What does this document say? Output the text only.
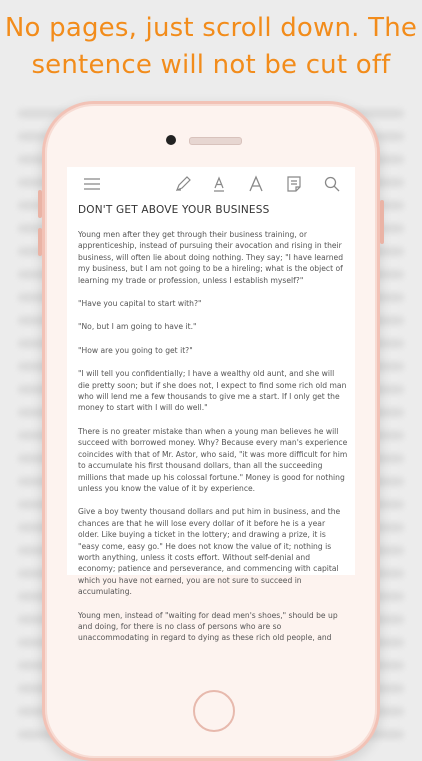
No pages, just scroll down. The
sentence will not be cut off
DON'T GET ABOVE YOUR BUSINESS

Young men after they get through their business training, or apprenticeship, instead of pursuing their avocation and rising in their business, will often lie about doing nothing. They say; "I have learned my business, but I am not going to be a hireling; what is the object of learning my trade or profession, unless I establish myself?"

"Have you capital to start with?"

"No, but I am going to have it."

"How are you going to get it?"

"I will tell you confidentially; I have a wealthy old aunt, and she will die pretty soon; but if she does not, I expect to find some rich old man who will lend me a few thousands to give me a start. If I only get the money to start with I will do well."

There is no greater mistake than when a young man believes he will succeed with borrowed money. Why? Because every man's experience coincides with that of Mr. Astor, who said, "it was more difficult for him to accumulate his first thousand dollars, than all the succeeding millions that made up his colossal fortune." Money is good for nothing unless you know the value of it by experience.

Give a boy twenty thousand dollars and put him in business, and the chances are that he will lose every dollar of it before he is a year older. Like buying a ticket in the lottery; and drawing a prize, it is "easy come, easy go." He does not know the value of it; nothing is worth anything, unless it costs effort. Without self-denial and economy; patience and perseverance, and commencing with capital which you have not earned, you are not sure to succeed in accumulating.

Young men, instead of "waiting for dead men's shoes," should be up and doing, for there is no class of persons who are so unaccommodating in regard to dying as these rich old people, and
